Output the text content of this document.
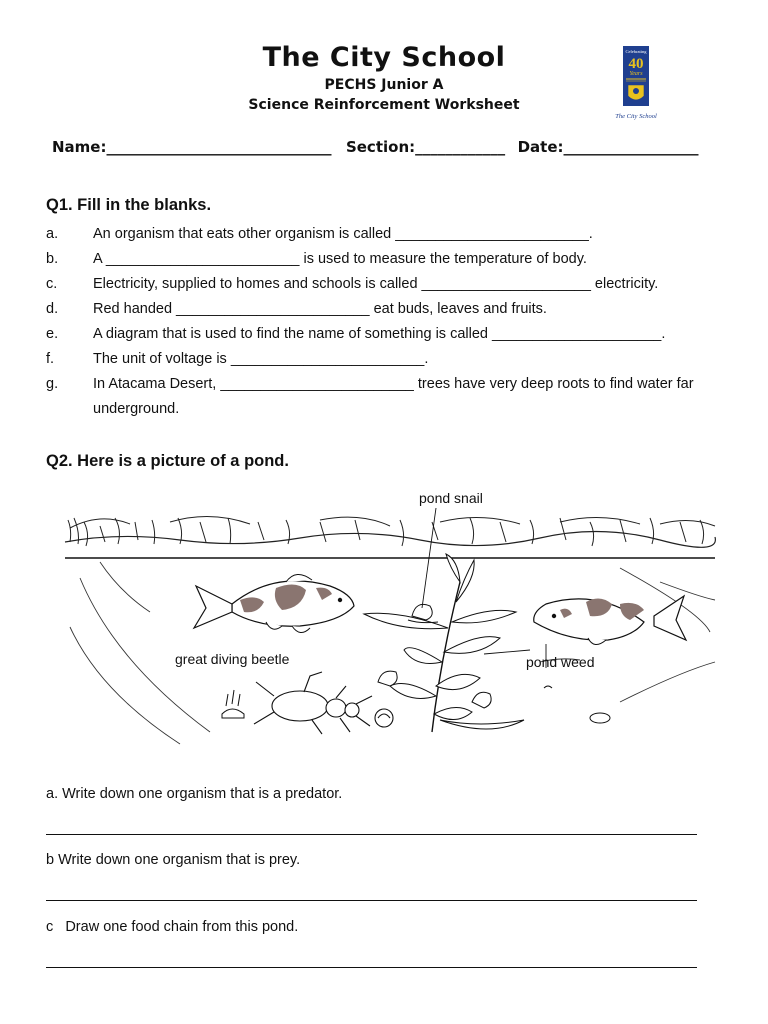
The City School
PECHS Junior A
Science Reinforcement Worksheet
Celebrating
40
Years
The City School
Name:______________________________ Section:____________ Date:__________________
Q1. Fill in the blanks.
a. An organism that eats other organism is called ________________________.
b. A ________________________ is used to measure the temperature of body.
c. Electricity, supplied to homes and schools is called _____________________ electricity.
d. Red handed ________________________ eat buds, leaves and fruits.
e. A diagram that is used to find the name of something is called _____________________.
f.	The unit of voltage is ________________________.
g. In Atacama Desert, ________________________ trees have very deep roots to find water far underground.
Q2. Here is a picture of a pond.
pond snail
great diving beetle	pond weed
a. Write down one organism that is a predator.
b Write down one organism that is prey.
c   Draw one food chain from this pond.
